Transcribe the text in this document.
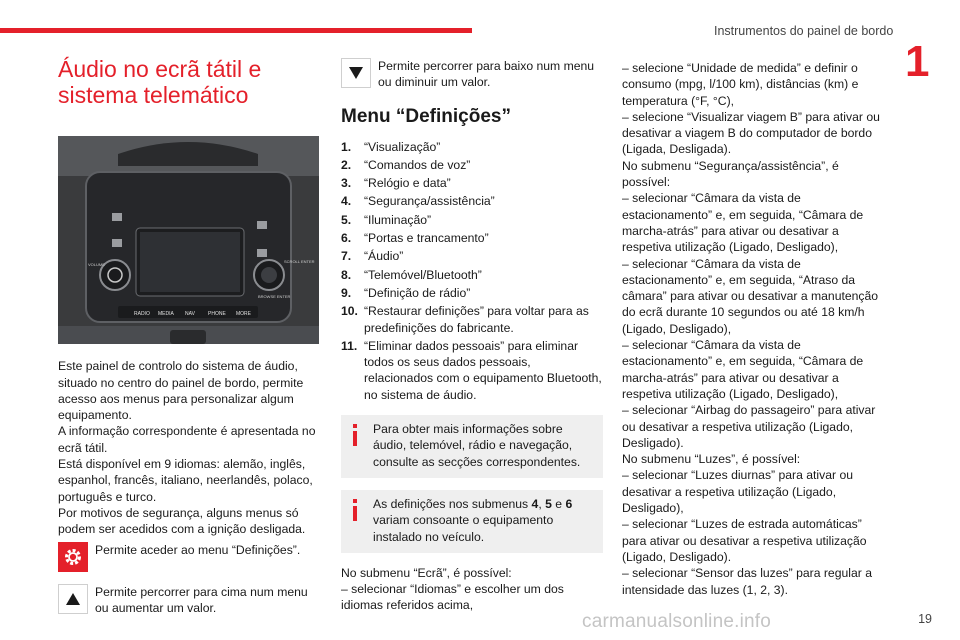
Instrumentos do painel de bordo
1
Áudio no ecrã tátil e sistema telemático
RADIO MEDIA NAV	PHONE MORE
VOLUME
SCROLL ENTER
BROWSE ENTER

Este painel de controlo do sistema de áudio, situado no centro do painel de bordo, permite acesso aos menus para personalizar algum equipamento.

A informação correspondente é apresentada no ecrã tátil.

Está disponível em 9 idiomas: alemão, inglês, espanhol, francês, italiano, neerlandês, polaco, português e turco.

Por motivos de segurança, alguns menus só podem ser acedidos com a ignição desligada.

Permite aceder ao menu “Definições”.
Permite percorrer para cima num menu ou aumentar um valor.
Permite percorrer para baixo num menu ou diminuir um valor.
Menu “Definições”
1.	“Visualização”
2.	“Comandos de voz”
3.	“Relógio e data”
4.	“Segurança/assistência”
5.	“Iluminação”
6.	“Portas e trancamento”
7.	“Áudio”
8.	“Telemóvel/Bluetooth”
9.	“Definição de rádio”
10. “Restaurar definições” para voltar para as predefinições do fabricante.
11. “Eliminar dados pessoais” para eliminar todos os seus dados pessoais, relacionados com o equipamento Bluetooth, no sistema de áudio.

Para obter mais informações sobre áudio, telemóvel, rádio e navegação, consulte as secções correspondentes.

As definições nos submenus 4, 5 e 6 variam consoante o equipamento instalado no veículo.

No submenu “Ecrã”, é possível:

– selecionar “Idiomas” e escolher um dos idiomas referidos acima,

– selecione “Unidade de medida” e definir o consumo (mpg, l/100 km), distâncias (km) e temperatura (°F, °C),

– selecione “Visualizar viagem B” para ativar ou desativar a viagem B do computador de bordo (Ligada, Desligada).

No submenu “Segurança/assistência”, é possível:

– selecionar “Câmara da vista de estacionamento” e, em seguida, “Câmara de marcha-atrás” para ativar ou desativar a respetiva utilização (Ligado, Desligado),

– selecionar “Câmara da vista de estacionamento” e, em seguida, “Atraso da câmara” para ativar ou desativar a manutenção do ecrã durante 10 segundos ou até 18 km/h (Ligado, Desligado),

– selecionar “Câmara da vista de estacionamento” e, em seguida, “Câmara de marcha-atrás” para ativar ou desativar a respetiva utilização (Ligado, Desligado),

– selecionar “Airbag do passageiro” para ativar ou desativar a respetiva utilização (Ligado, Desligado).

No submenu “Luzes”, é possível:

– selecionar “Luzes diurnas” para ativar ou desativar a respetiva utilização (Ligado, Desligado),

– selecionar “Luzes de estrada automáticas” para ativar ou desativar a respetiva utilização (Ligado, Desligado).

– selecionar “Sensor das luzes” para regular a intensidade das luzes (1, 2, 3).

carmanualsonline.info	19
